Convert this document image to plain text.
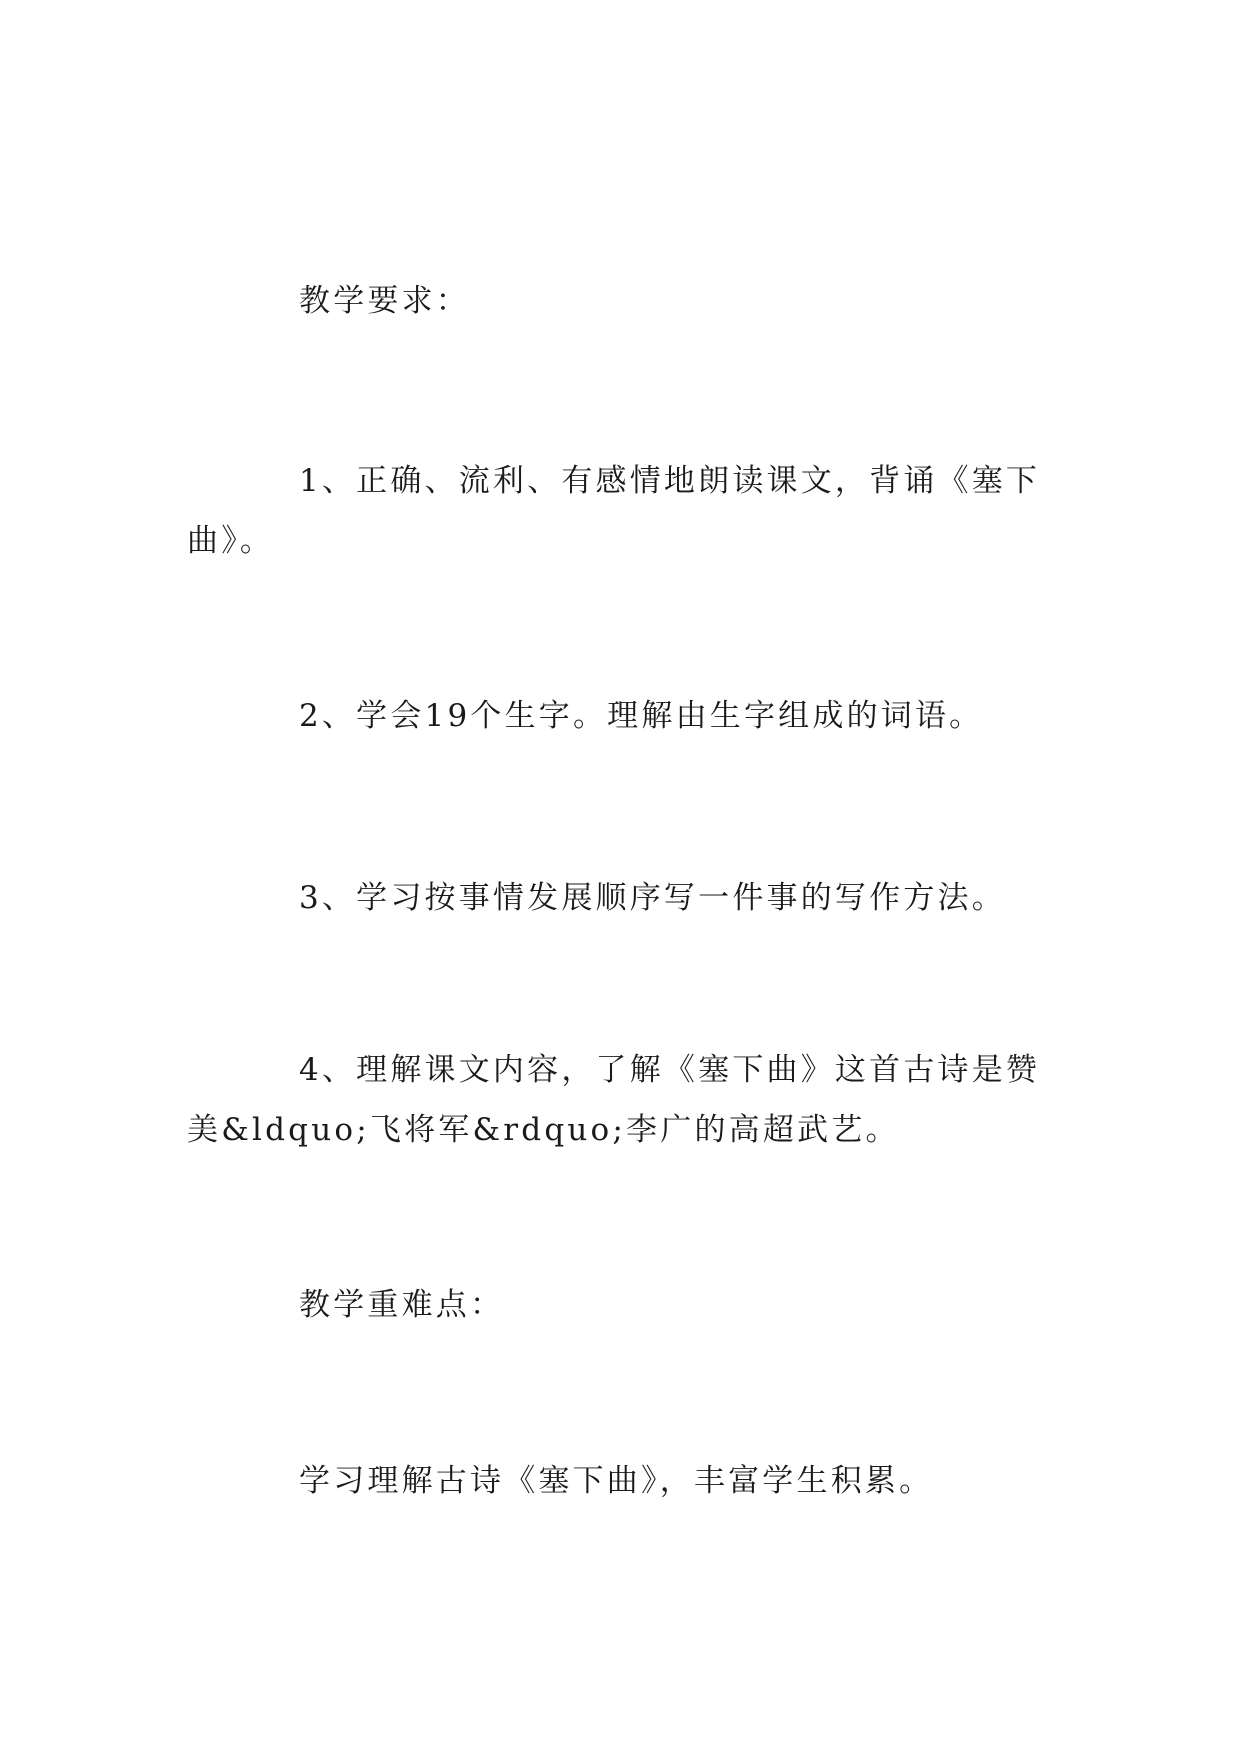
教学要求：

1、正确、流利、有感情地朗读课文，背诵《塞下曲》。

2、学会19个生字。理解由生字组成的词语。

3、学习按事情发展顺序写一件事的写作方法。

4、理解课文内容，了解《塞下曲》这首古诗是赞美&ldquo;飞将军&rdquo;李广的高超武艺。

教学重难点：

学习理解古诗《塞下曲》，丰富学生积累。
